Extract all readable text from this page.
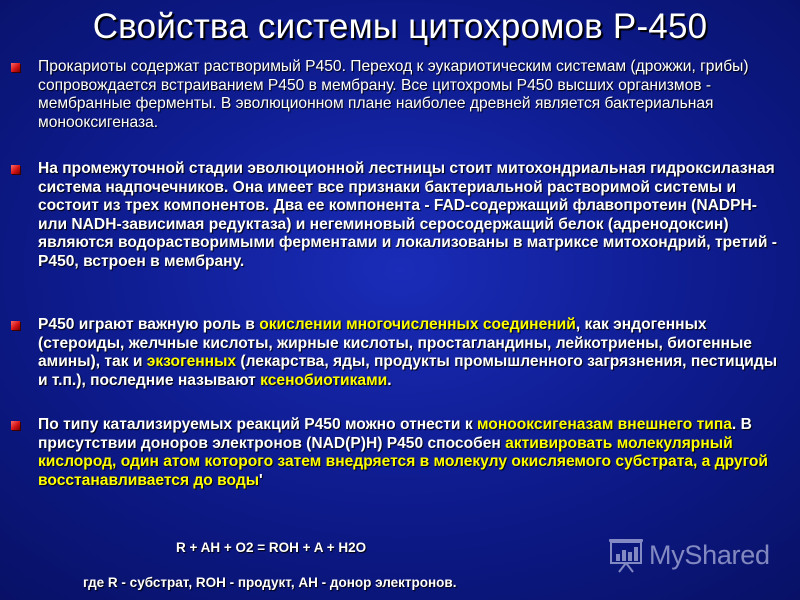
Свойства системы цитохромов Р-450
Прокариоты содержат растворимый Р450. Переход к эукариотическим системам (дрожжи, грибы) сопровождается встраиванием Р450 в мембрану. Все цитохромы Р450 высших организмов - мембранные ферменты. В эволюционном плане наиболее древней является бактериальная монооксигеназа.
На промежуточной стадии эволюционной лестницы стоит митохондриальная гидроксилазная система надпочечников. Она имеет все признаки бактериальной растворимой системы и состоит из трех компонентов. Два ее компонента - FAD-содержащий флавопротеин (NADPH- или NADH-зависимая редуктаза) и негеминовый серосодержащий белок (адренодоксин) являются водорастворимыми ферментами и локализованы в матриксе митохондрий, третий - Р450, встроен в мембрану.
Р450 играют важную роль в окислении многочисленных соединений, как эндогенных (стероиды, желчные кислоты, жирные кислоты, простагландины, лейкотриены, биогенные амины), так и экзогенных (лекарства, яды, продукты промышленного загрязнения, пестициды и т.п.), последние называют ксенобиотиками.
По типу катализируемых реакций Р450 можно отнести к монооксигеназам внешнего типа. В присутствии доноров электронов (NAD(P)H) Р450 способен активировать молекулярный кислород, один атом которого затем внедряется в молекулу окисляемого субстрата, а другой восстанавливается до воды'
R + AH + O2 = ROH + A + H2O
где R - субстрат, ROH - продукт, AH - донор электронов.
MyShared
